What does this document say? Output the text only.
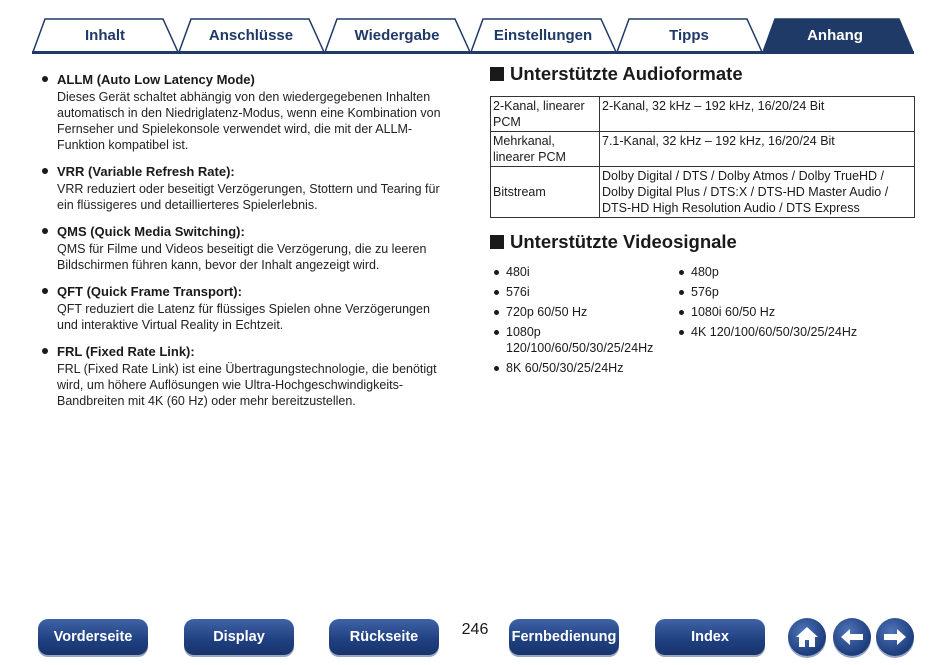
Inhalt	Anschlüsse	Wiedergabe	Einstellungen	Tipps	Anhang
ALLM (Auto Low Latency Mode)
Dieses Gerät schaltet abhängig von den wiedergegebenen Inhalten
automatisch in den Niedriglatenz-Modus, wenn eine Kombination von
Fernseher und Spielekonsole verwendet wird, die mit der ALLM-
Funktion kompatibel ist.
VRR (Variable Refresh Rate):
VRR reduziert oder beseitigt Verzögerungen, Stottern und Tearing für
ein flüssigeres und detaillierteres Spielerlebnis.
QMS (Quick Media Switching):
QMS für Filme und Videos beseitigt die Verzögerung, die zu leeren
Bildschirmen führen kann, bevor der Inhalt angezeigt wird.
QFT (Quick Frame Transport):
QFT reduziert die Latenz für flüssiges Spielen ohne Verzögerungen
und interaktive Virtual Reality in Echtzeit.
FRL (Fixed Rate Link):
FRL (Fixed Rate Link) ist eine Übertragungstechnologie, die benötigt
wird, um höhere Auflösungen wie Ultra-Hochgeschwindigkeits-
Bandbreiten mit 4K (60 Hz) oder mehr bereitzustellen.
Unterstützte Audioformate
2-Kanal, linearer
PCM	2-Kanal, 32 kHz – 192 kHz, 16/20/24 Bit

Mehrkanal,
linearer PCM	7.1-Kanal, 32 kHz – 192 kHz, 16/20/24 Bit

Bitstream	Dolby Digital / DTS / Dolby Atmos / Dolby TrueHD /
Dolby Digital Plus / DTS:X / DTS-HD Master Audio /
DTS-HD High Resolution Audio / DTS Express
Unterstützte Videosignale
480i
576i
720p 60/50 Hz
1080p
120/100/60/50/30/25/24Hz
8K 60/50/30/25/24Hz
480p
576p
1080i 60/50 Hz
4K 120/100/60/50/30/25/24Hz
Vorderseite	Display	Rückseite	246	Fernbedienung	Index
